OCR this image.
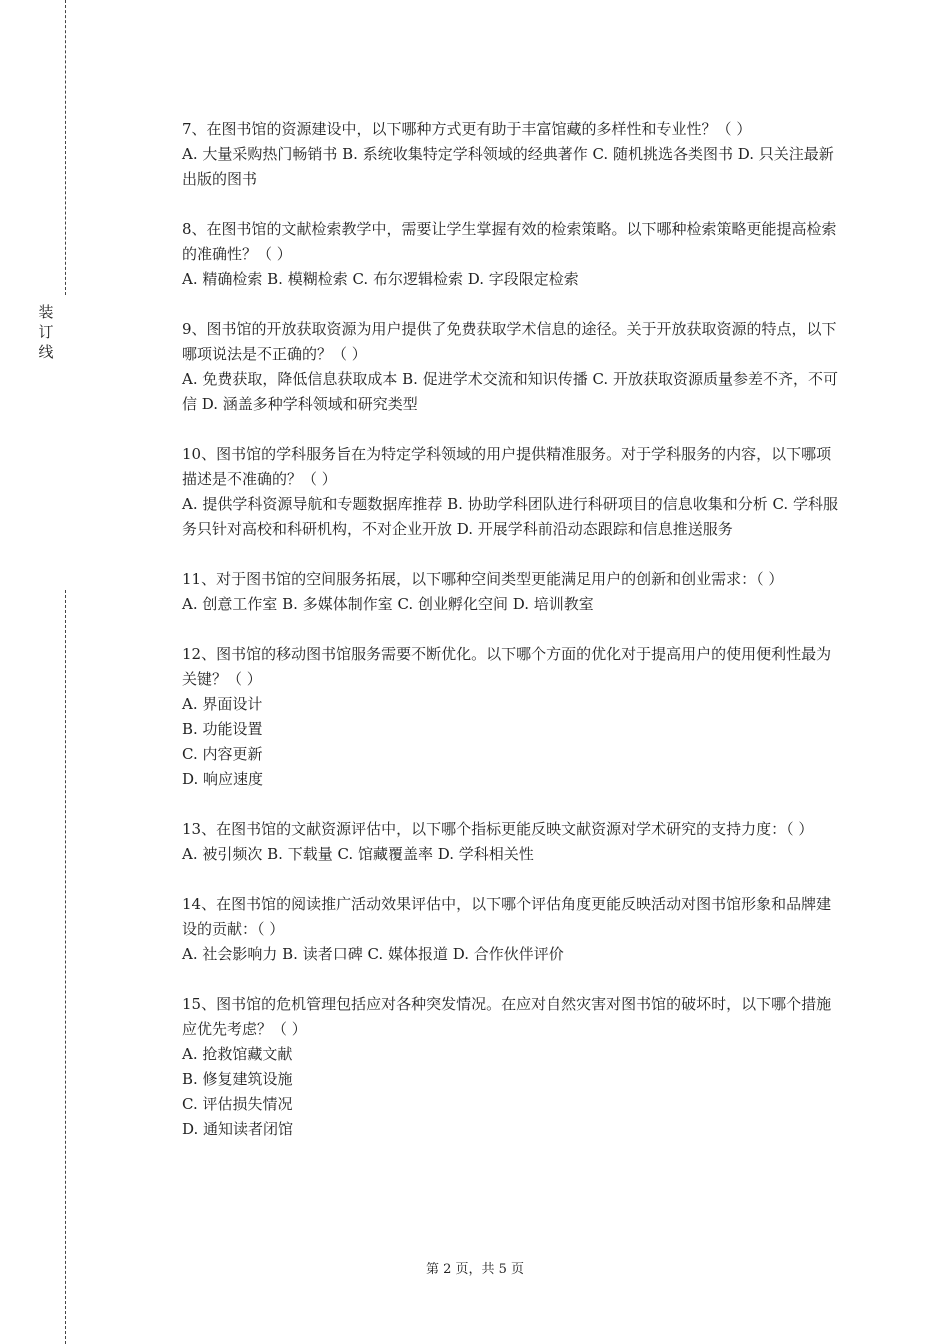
装
订
线

7、在图书馆的资源建设中，以下哪种方式更有助于丰富馆藏的多样性和专业性？（ ）

A. 大量采购热门畅销书 B. 系统收集特定学科领域的经典著作 C. 随机挑选各类图书 D. 只关注最新出版的图书

8、在图书馆的文献检索教学中，需要让学生掌握有效的检索策略。以下哪种检索策略更能提高检索的准确性？（ ）

A. 精确检索 B. 模糊检索 C. 布尔逻辑检索 D. 字段限定检索

9、图书馆的开放获取资源为用户提供了免费获取学术信息的途径。关于开放获取资源的特点，以下哪项说法是不正确的？（ ）

A. 免费获取，降低信息获取成本 B. 促进学术交流和知识传播 C. 开放获取资源质量参差不齐，不可信 D. 涵盖多种学科领域和研究类型

10、图书馆的学科服务旨在为特定学科领域的用户提供精准服务。对于学科服务的内容，以下哪项描述是不准确的？（ ）

A. 提供学科资源导航和专题数据库推荐 B. 协助学科团队进行科研项目的信息收集和分析 C. 学科服务只针对高校和科研机构，不对企业开放 D. 开展学科前沿动态跟踪和信息推送服务

11、对于图书馆的空间服务拓展，以下哪种空间类型更能满足用户的创新和创业需求：（ ）

A. 创意工作室 B. 多媒体制作室 C. 创业孵化空间 D. 培训教室

12、图书馆的移动图书馆服务需要不断优化。以下哪个方面的优化对于提高用户的使用便利性最为关键？（ ）

A. 界面设计

B. 功能设置

C. 内容更新

D. 响应速度

13、在图书馆的文献资源评估中，以下哪个指标更能反映文献资源对学术研究的支持力度：（ ）

A. 被引频次 B. 下载量 C. 馆藏覆盖率 D. 学科相关性

14、在图书馆的阅读推广活动效果评估中，以下哪个评估角度更能反映活动对图书馆形象和品牌建设的贡献：（ ）

A. 社会影响力 B. 读者口碑 C. 媒体报道 D. 合作伙伴评价

15、图书馆的危机管理包括应对各种突发情况。在应对自然灾害对图书馆的破坏时，以下哪个措施应优先考虑？（ ）

A. 抢救馆藏文献

B. 修复建筑设施

C. 评估损失情况

D. 通知读者闭馆

第 2 页，共 5 页
